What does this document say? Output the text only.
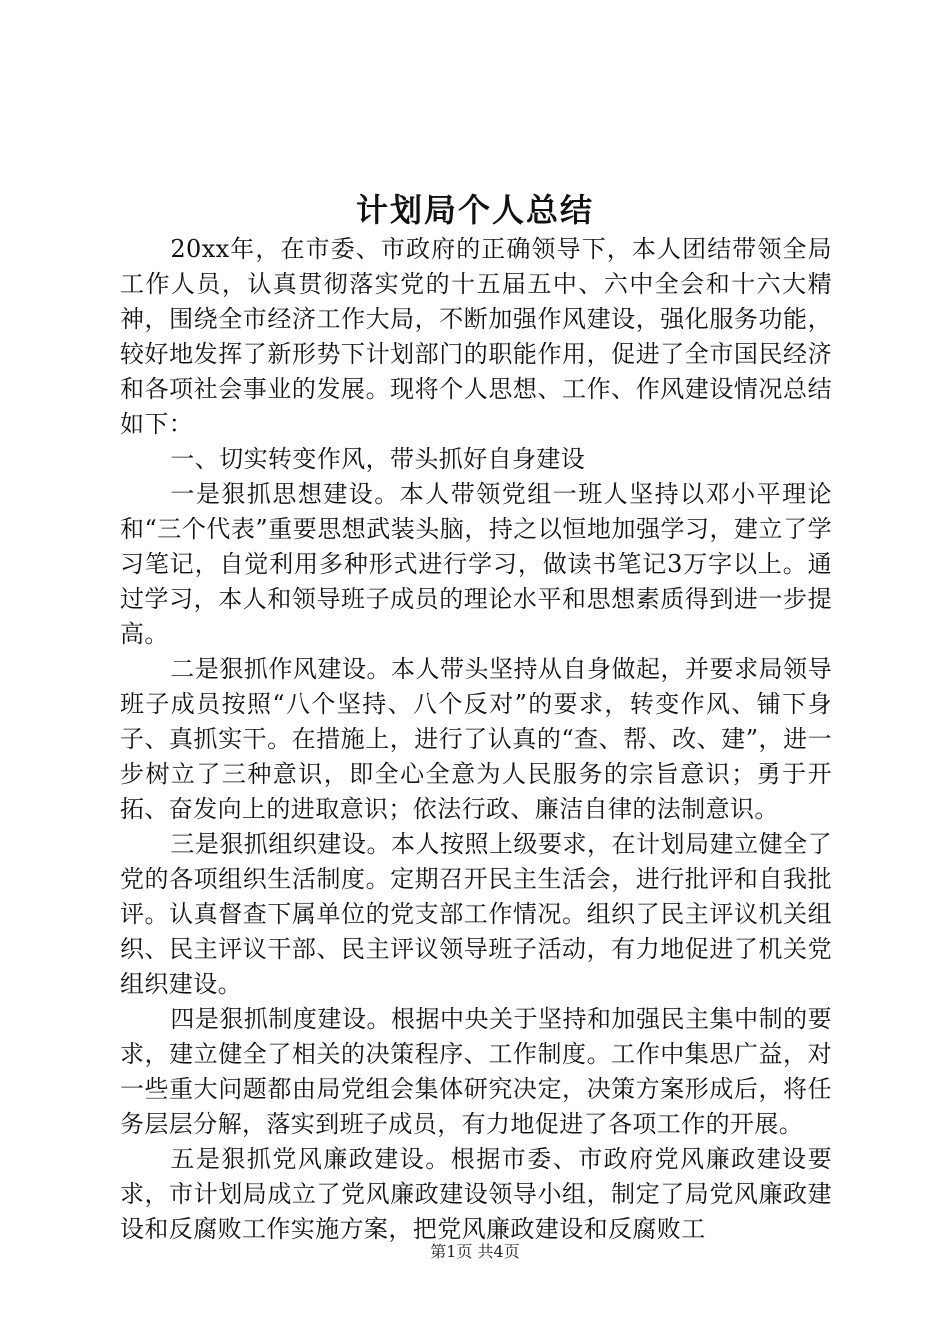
计划局个人总结

20xx年，在市委、市政府的正确领导下，本人团结带领全局工作人员，认真贯彻落实党的十五届五中、六中全会和十六大精神，围绕全市经济工作大局，不断加强作风建设，强化服务功能，较好地发挥了新形势下计划部门的职能作用，促进了全市国民经济和各项社会事业的发展。现将个人思想、工作、作风建设情况总结如下：

一、切实转变作风，带头抓好自身建设

一是狠抓思想建设。本人带领党组一班人坚持以邓小平理论和“三个代表”重要思想武装头脑，持之以恒地加强学习，建立了学习笔记，自觉利用多种形式进行学习，做读书笔记3万字以上。通过学习，本人和领导班子成员的理论水平和思想素质得到进一步提高。

二是狠抓作风建设。本人带头坚持从自身做起，并要求局领导班子成员按照“八个坚持、八个反对”的要求，转变作风、铺下身子、真抓实干。在措施上，进行了认真的“查、帮、改、建”，进一步树立了三种意识，即全心全意为人民服务的宗旨意识；勇于开拓、奋发向上的进取意识；依法行政、廉洁自律的法制意识。

三是狠抓组织建设。本人按照上级要求，在计划局建立健全了党的各项组织生活制度。定期召开民主生活会，进行批评和自我批评。认真督查下属单位的党支部工作情况。组织了民主评议机关组织、民主评议干部、民主评议领导班子活动，有力地促进了机关党组织建设。

四是狠抓制度建设。根据中央关于坚持和加强民主集中制的要求，建立健全了相关的决策程序、工作制度。工作中集思广益，对一些重大问题都由局党组会集体研究决定，决策方案形成后，将任务层层分解，落实到班子成员，有力地促进了各项工作的开展。

五是狠抓党风廉政建设。根据市委、市政府党风廉政建设要求，市计划局成立了党风廉政建设领导小组，制定了局党风廉政建设和反腐败工作实施方案，把党风廉政建设和反腐败工

第1页 共4页
